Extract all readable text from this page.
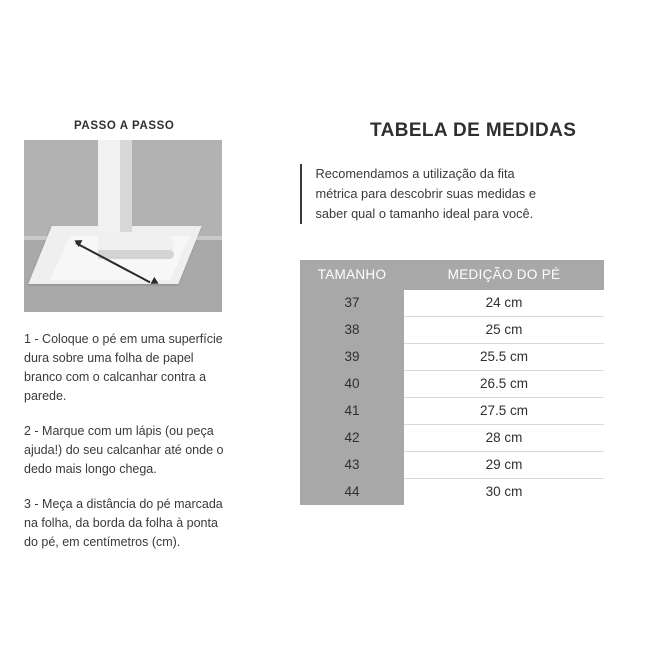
PASSO A PASSO

1 - Coloque o pé em uma superfície dura sobre uma folha de papel branco com o calcanhar contra a parede.

2 - Marque com um lápis (ou peça ajuda!) do seu calcanhar até onde o dedo mais longo chega.

3 - Meça a distância do pé marcada na folha, da borda da folha à ponta do pé, em centímetros (cm).

TABELA DE MEDIDAS

Recomendamos a utilização da fita métrica para descobrir suas medidas e saber qual o tamanho ideal para você.

TAMANHO	MEDIÇÃO DO PÉ
37	24 cm
38	25 cm
39	25.5 cm
40	26.5 cm
41	27.5 cm
42	28 cm
43	29 cm
44	30 cm
